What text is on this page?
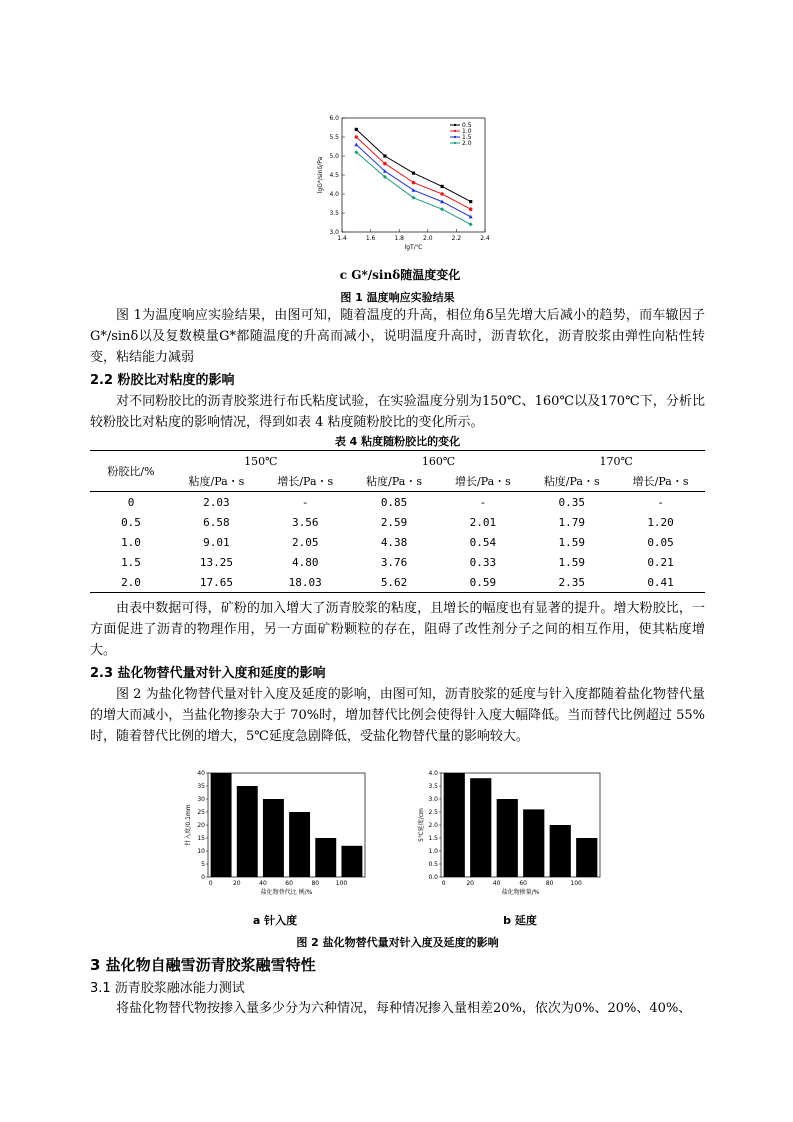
3.0
3.5
4.0
4.5
5.0
5.5
6.0
1.4	1.6	1.8	2.0	2.2	2.4
lgT/℃
lgG*/sinδ/Pa
0.5
1.0
1.5
2.0
c G*/sinδ随温度变化
图 1 温度响应实验结果

图 1为温度响应实验结果，由图可知，随着温度的升高，相位角δ呈先增大后减小的趋势，而车辙因子G*/sinδ以及复数模量G*都随温度的升高而减小，说明温度升高时，沥青软化，沥青胶浆由弹性向粘性转变，粘结能力减弱

2.2 粉胶比对粘度的影响

对不同粉胶比的沥青胶浆进行布氏粘度试验，在实验温度分别为150℃、160℃以及170℃下，分析比较粉胶比对粘度的影响情况，得到如表 4 粘度随粉胶比的变化所示。

表 4 粘度随粉胶比的变化
粉胶比/%	150℃		160℃		170℃	
	粘度/Pa・s	增长/Pa・s	粘度/Pa・s	增长/Pa・s	粘度/Pa・s	增长/Pa・s
0	2.03	-	0.85	-	0.35	-
0.5	6.58	3.56	2.59	2.01	1.79	1.20
1.0	9.01	2.05	4.38	0.54	1.59	0.05
1.5	13.25	4.80	3.76	0.33	1.59	0.21
2.0	17.65	18.03	5.62	0.59	2.35	0.41

由表中数据可得，矿粉的加入增大了沥青胶浆的粘度，且增长的幅度也有显著的提升。增大粉胶比，一方面促进了沥青的物理作用，另一方面矿粉颗粒的存在，阻碍了改性剂分子之间的相互作用，使其粘度增大。

2.3 盐化物替代量对针入度和延度的影响

图 2 为盐化物替代量对针入度及延度的影响，由图可知，沥青胶浆的延度与针入度都随着盐化物替代量的增大而减小，当盐化物掺杂大于 70%时，增加替代比例会使得针入度大幅降低。当而替代比例超过 55%时，随着替代比例的增大，5℃延度急剧降低，受盐化物替代量的影响较大。

0
5
10
15
20
25
30
35
40
0	20	40	60	80	100
盐化物替代比 例/%
针入度/0.1mm
0.0
0.5
1.0
1.5
2.0
2.5
3.0
3.5
4.0
0	20	40	60	80	100
盐化物掺量/%
5℃延度/cm
a 针入度	b 延度
图 2 盐化物替代量对针入度及延度的影响

3 盐化物自融雪沥青胶浆融雪特性

3.1 沥青胶浆融冰能力测试

将盐化物替代物按掺入量多少分为六种情况，每种情况掺入量相差20%，依次为0%、20%、40%、
